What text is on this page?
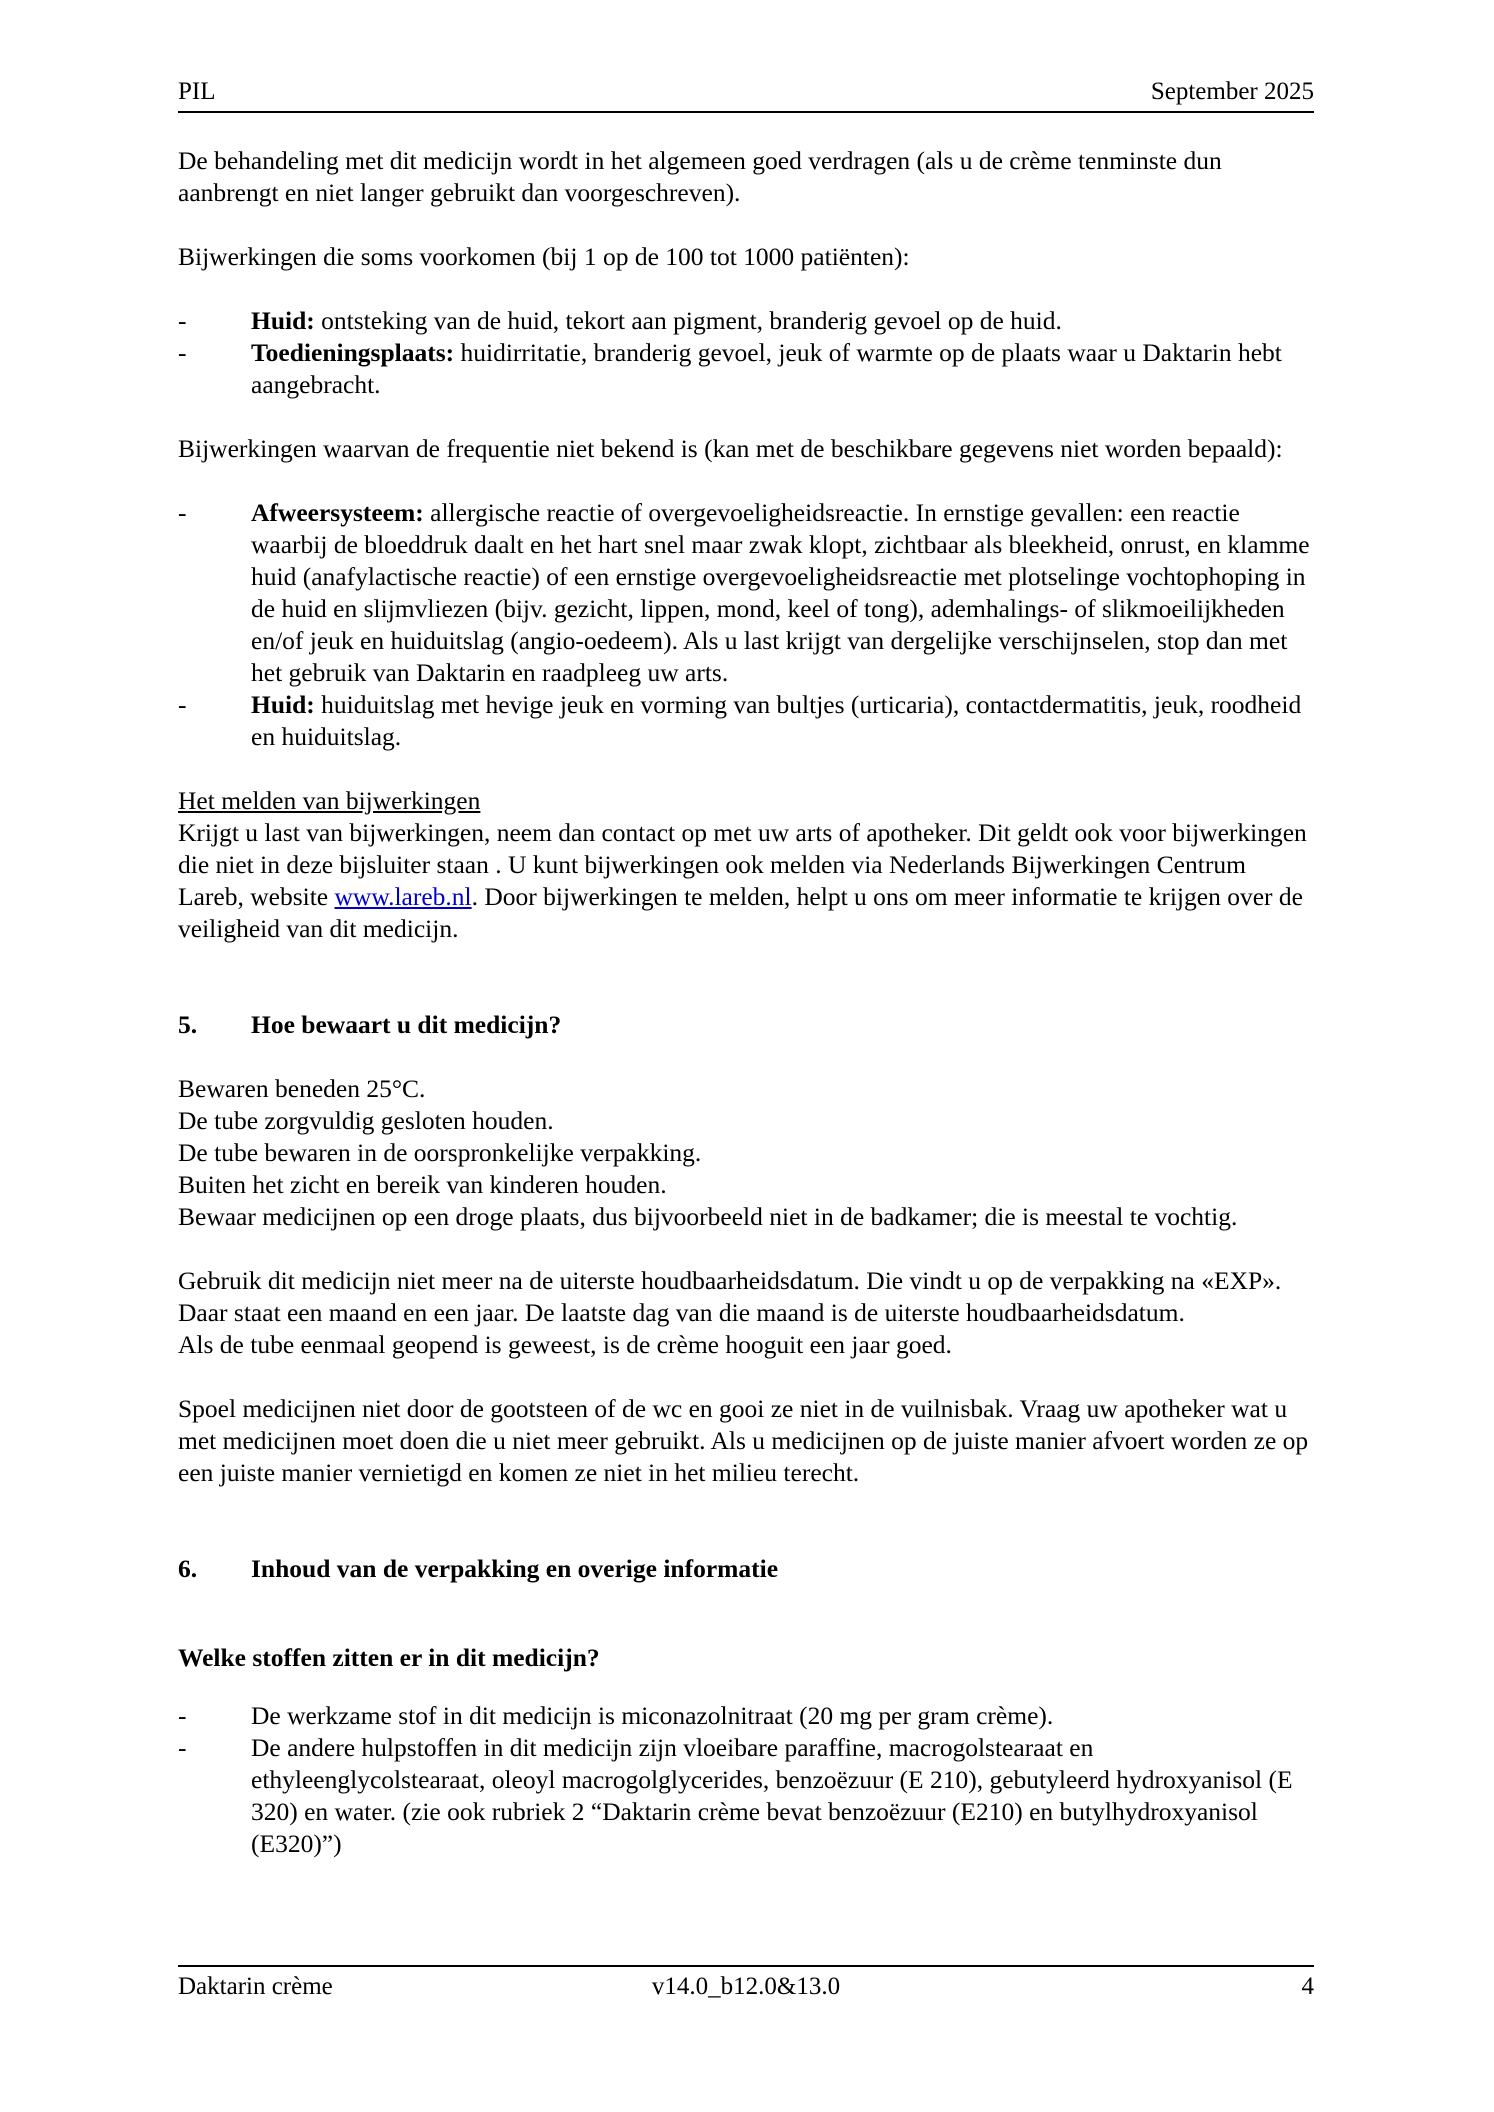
PIL	September 2025

De behandeling met dit medicijn wordt in het algemeen goed verdragen (als u de crème tenminste dun aanbrengt en niet langer gebruikt dan voorgeschreven).

Bijwerkingen die soms voorkomen (bij 1 op de 100 tot 1000 patiënten):

-	Huid: ontsteking van de huid, tekort aan pigment, branderig gevoel op de huid.
-	Toedieningsplaats: huidirritatie, branderig gevoel, jeuk of warmte op de plaats waar u Daktarin hebt aangebracht.

Bijwerkingen waarvan de frequentie niet bekend is (kan met de beschikbare gegevens niet worden bepaald):

-	Afweersysteem: allergische reactie of overgevoeligheidsreactie. In ernstige gevallen: een reactie waarbij de bloeddruk daalt en het hart snel maar zwak klopt, zichtbaar als bleekheid, onrust, en klamme huid (anafylactische reactie) of een ernstige overgevoeligheidsreactie met plotselinge vochtophoping in de huid en slijmvliezen (bijv. gezicht, lippen, mond, keel of tong), ademhalings- of slikmoeilijkheden en/of jeuk en huiduitslag (angio-oedeem). Als u last krijgt van dergelijke verschijnselen, stop dan met het gebruik van Daktarin en raadpleeg uw arts.
-	Huid: huiduitslag met hevige jeuk en vorming van bultjes (urticaria), contactdermatitis, jeuk, roodheid en huiduitslag.

Het melden van bijwerkingen

Krijgt u last van bijwerkingen, neem dan contact op met uw arts of apotheker. Dit geldt ook voor bijwerkingen die niet in deze bijsluiter staan . U kunt bijwerkingen ook melden via Nederlands Bijwerkingen Centrum Lareb, website www.lareb.nl. Door bijwerkingen te melden, helpt u ons om meer informatie te krijgen over de veiligheid van dit medicijn.

5.	Hoe bewaart u dit medicijn?

Bewaren beneden 25°C.

De tube zorgvuldig gesloten houden.

De tube bewaren in de oorspronkelijke verpakking.

Buiten het zicht en bereik van kinderen houden.

Bewaar medicijnen op een droge plaats, dus bijvoorbeeld niet in de badkamer; die is meestal te vochtig.

Gebruik dit medicijn niet meer na de uiterste houdbaarheidsdatum. Die vindt u op de verpakking na «EXP». Daar staat een maand en een jaar. De laatste dag van die maand is de uiterste houdbaarheidsdatum.

Als de tube eenmaal geopend is geweest, is de crème hooguit een jaar goed.

Spoel medicijnen niet door de gootsteen of de wc en gooi ze niet in de vuilnisbak. Vraag uw apotheker wat u met medicijnen moet doen die u niet meer gebruikt. Als u medicijnen op de juiste manier afvoert worden ze op een juiste manier vernietigd en komen ze niet in het milieu terecht.

6.	Inhoud van de verpakking en overige informatie

Welke stoffen zitten er in dit medicijn?

-	De werkzame stof in dit medicijn is miconazolnitraat (20 mg per gram crème).
-	De andere hulpstoffen in dit medicijn zijn vloeibare paraffine, macrogolstearaat en ethyleenglycolstearaat, oleoyl macrogolglycerides, benzoëzuur (E 210), gebutyleerd hydroxyanisol (E 320) en water. (zie ook rubriek 2 “Daktarin crème bevat benzoëzuur (E210) en butylhydroxyanisol (E320)”)
Daktarin crème	v14.0_b12.0&13.0	4
